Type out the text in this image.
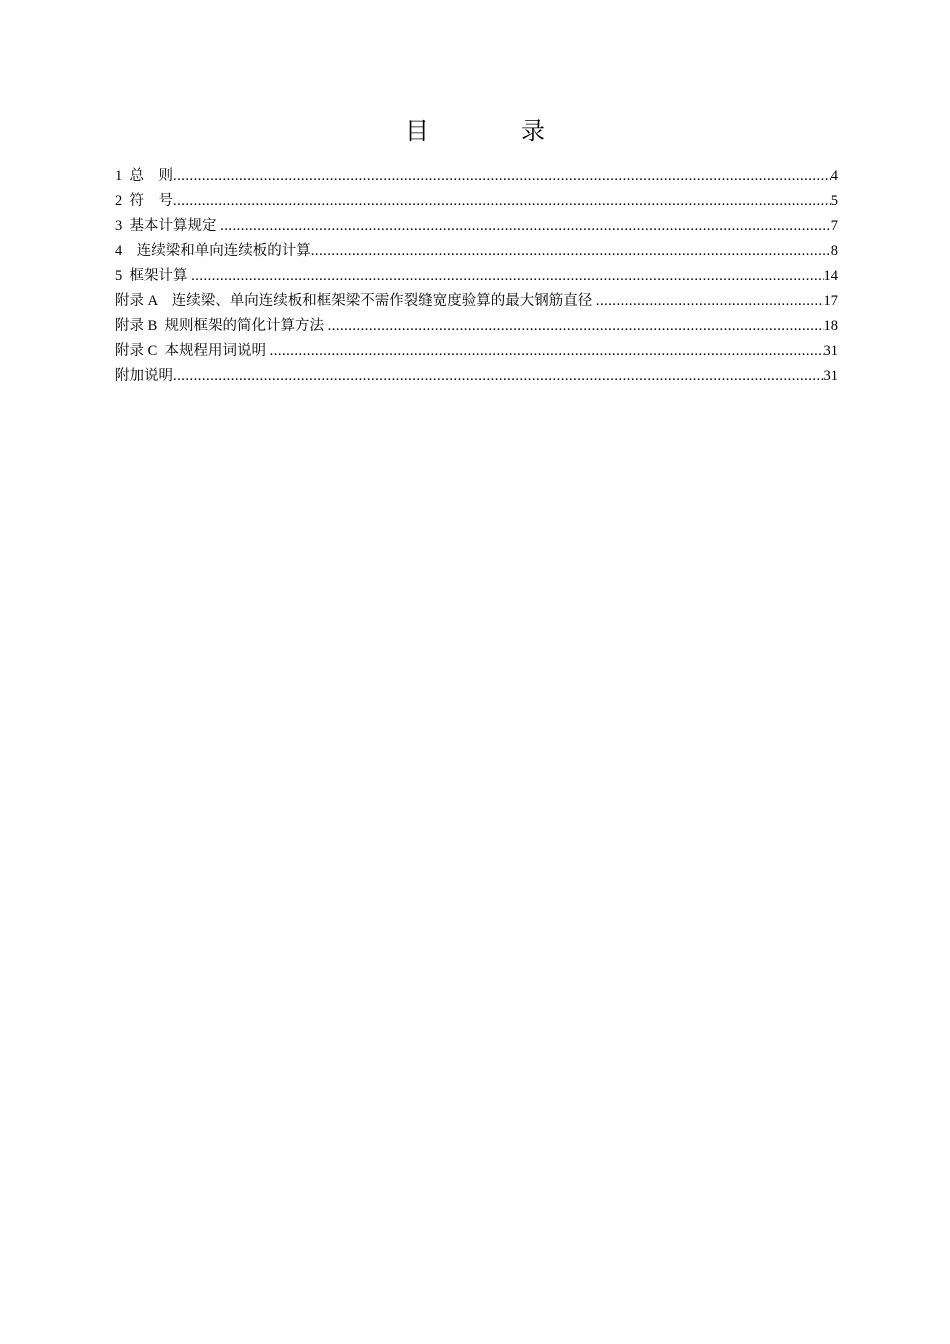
目　录
1  总    则 .....	4
2  符    号 .....	5
3  基本计算规定 .....	7
4    连续梁和单向连续板的计算 .....	8
5  框架计算 .....	14
附录 A    连续梁、单向连续板和框架梁不需作裂缝宽度验算的最大钢筋直径 .....	17
附录 B  规则框架的简化计算方法 .....	18
附录 C  本规程用词说明 .....	31
附加说明 .....	31
